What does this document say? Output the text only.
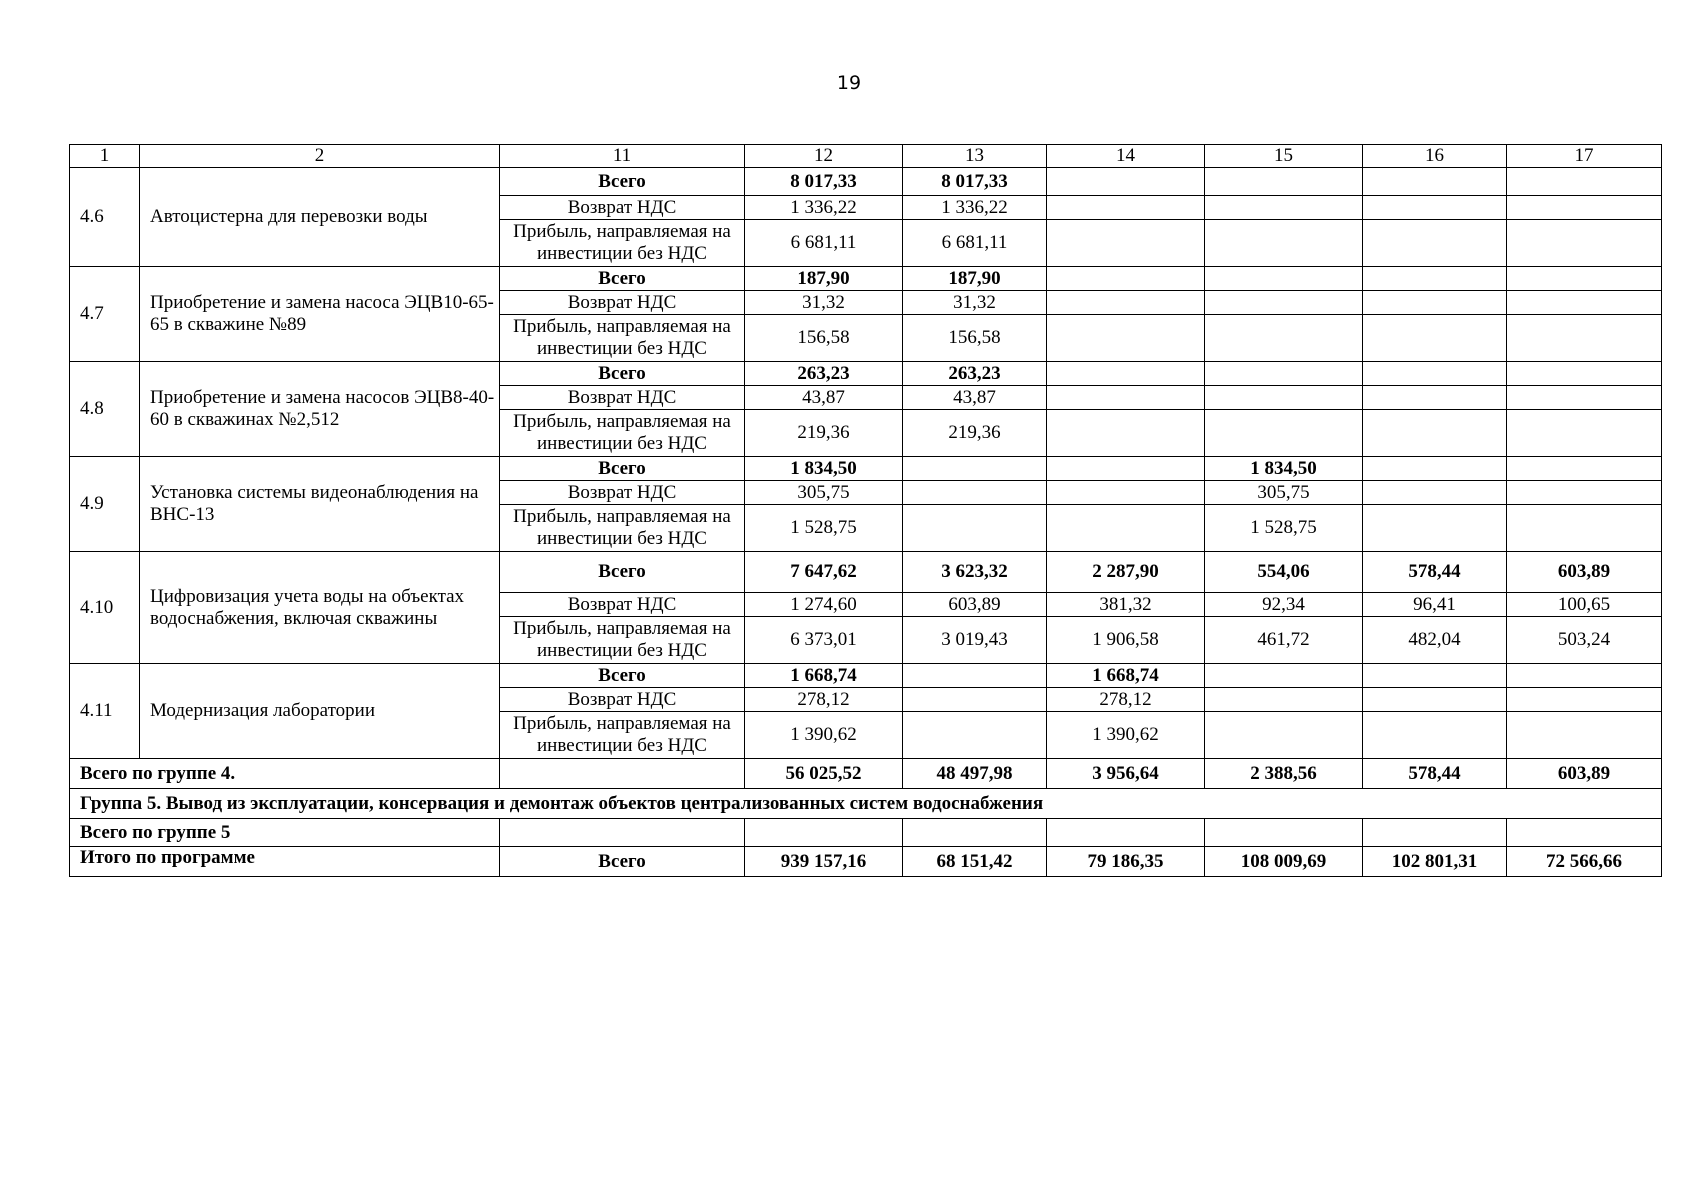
19
1	2	11	12	13	14	15	16	17
4.6	Автоцистерна для перевозки воды	Всего	8 017,33	8 017,33				
		Возврат НДС	1 336,22	1 336,22				
		Прибыль, направляемая на инвестиции без НДС	6 681,11	6 681,11				
4.7	Приобретение и замена насоса ЭЦВ10-65-65 в скважине №89	Всего	187,90	187,90				
		Возврат НДС	31,32	31,32				
		Прибыль, направляемая на инвестиции без НДС	156,58	156,58				
4.8	Приобретение и замена насосов ЭЦВ8-40-60 в скважинах №2,512	Всего	263,23	263,23				
		Возврат НДС	43,87	43,87				
		Прибыль, направляемая на инвестиции без НДС	219,36	219,36				
4.9	Установка системы видеонаблюдения на ВНС-13	Всего	1 834,50			1 834,50		
		Возврат НДС	305,75			305,75		
		Прибыль, направляемая на инвестиции без НДС	1 528,75			1 528,75		
4.10	Цифровизация учета воды на объектах водоснабжения, включая скважины	Всего	7 647,62	3 623,32	2 287,90	554,06	578,44	603,89
		Возврат НДС	1 274,60	603,89	381,32	92,34	96,41	100,65
		Прибыль, направляемая на инвестиции без НДС	6 373,01	3 019,43	1 906,58	461,72	482,04	503,24
4.11	Модернизация лаборатории	Всего	1 668,74		1 668,74			
		Возврат НДС	278,12		278,12			
		Прибыль, направляемая на инвестиции без НДС	1 390,62		1 390,62			
Всего по группе 4.			56 025,52	48 497,98	3 956,64	2 388,56	578,44	603,89
Группа 5. Вывод из эксплуатации, консервация и демонтаж объектов централизованных систем водоснабжения								
Всего по группе 5								
Итого по программе		Всего	939 157,16	68 151,42	79 186,35	108 009,69	102 801,31	72 566,66
